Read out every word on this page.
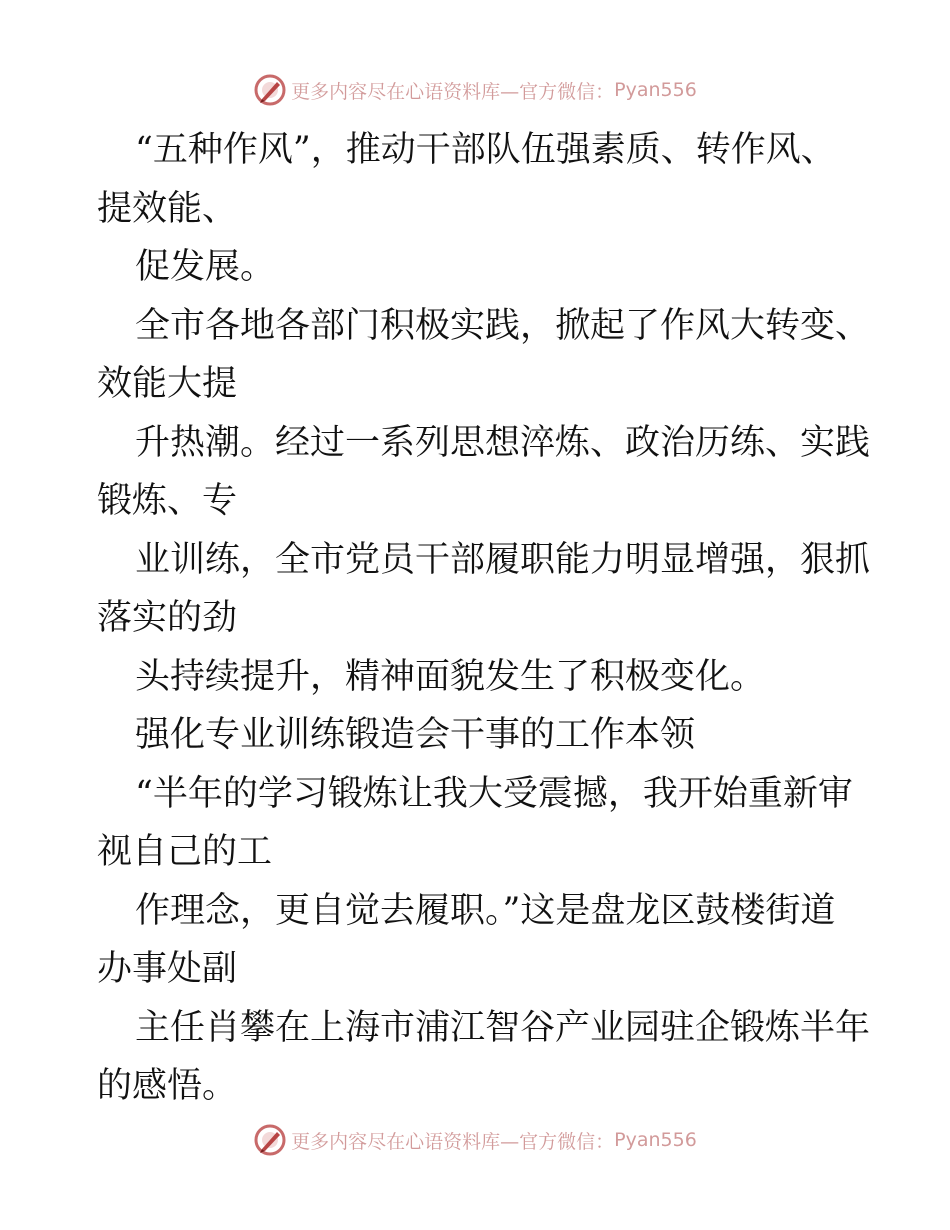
更多内容尽在心语资料库—官方微信： Pyan556
“五种作风”，推动干部队伍强素质、转作风、
提效能、
促发展。
全市各地各部门积极实践，掀起了作风大转变、
效能大提
升热潮。经过一系列思想淬炼、政治历练、实践
锻炼、专
业训练，全市党员干部履职能力明显增强，狠抓
落实的劲
头持续提升，精神面貌发生了积极变化。
强化专业训练锻造会干事的工作本领
“半年的学习锻炼让我大受震撼，我开始重新审
视自己的工
作理念，更自觉去履职。”这是盘龙区鼓楼街道
办事处副
主任肖攀在上海市浦江智谷产业园驻企锻炼半年
的感悟。
更多内容尽在心语资料库—官方微信： Pyan556
